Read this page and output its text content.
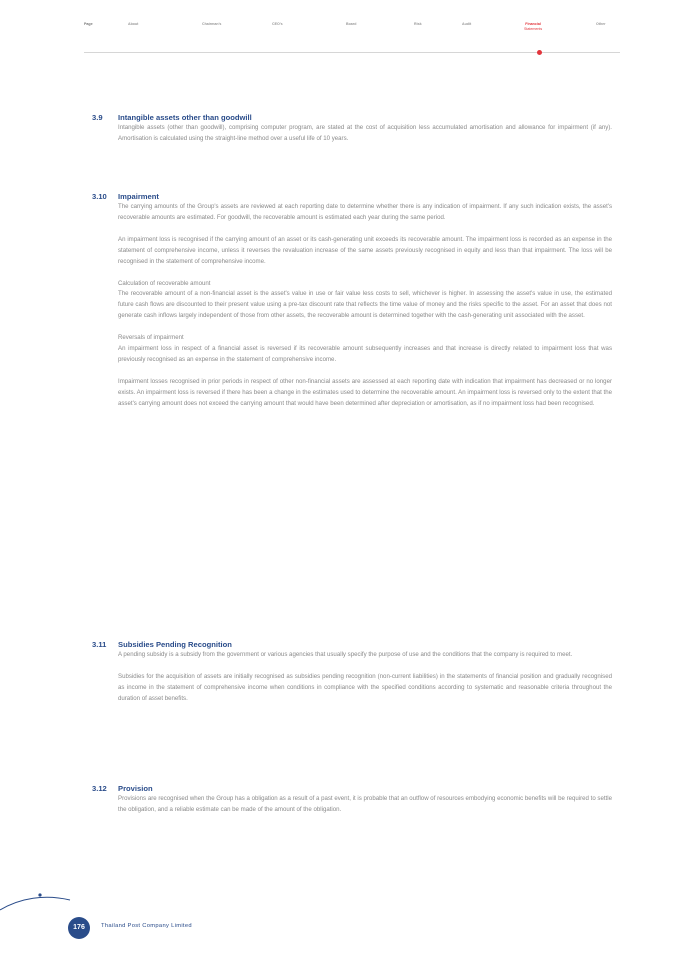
Page	About	Chairman's	CEO's	Board	Risk	Audit	Financial
Statements
Other
3.9 Intangible assets other than goodwill

Intangible assets (other than goodwill), comprising computer program, are stated at the cost of acquisition less accumulated amortisation and allowance for impairment (if any). Amortisation is calculated using the straight-line method over a useful life of 10 years.

3.10 Impairment

The carrying amounts of the Group's assets are reviewed at each reporting date to determine whether there is any indication of impairment. If any such indication exists, the asset's recoverable amounts are estimated. For goodwill, the recoverable amount is estimated each year during the same period.

An impairment loss is recognised if the carrying amount of an asset or its cash-generating unit exceeds its recoverable amount. The impairment loss is recorded as an expense in the statement of comprehensive income, unless it reverses the revaluation increase of the same assets previously recognised in equity and less than that impairment. The loss will be recognised in the statement of comprehensive income.

Calculation of recoverable amount

The recoverable amount of a non-financial asset is the asset's value in use or fair value less costs to sell, whichever is higher. In assessing the asset's value in use, the estimated future cash flows are discounted to their present value using a pre-tax discount rate that reflects the time value of money and the risks specific to the asset. For an asset that does not generate cash inflows largely independent of those from other assets, the recoverable amount is determined together with the cash-generating unit associated with the asset.

Reversals of impairment

An impairment loss in respect of a financial asset is reversed if its recoverable amount subsequently increases and that increase is directly related to impairment loss that was previously recognised as an expense in the statement of comprehensive income.

Impairment losses recognised in prior periods in respect of other non-financial assets are assessed at each reporting date with indication that impairment has decreased or no longer exists. An impairment loss is reversed if there has been a change in the estimates used to determine the recoverable amount. An impairment loss is reversed only to the extent that the asset's carrying amount does not exceed the carrying amount that would have been determined after depreciation or amortisation, as if no impairment loss had been recognised.

3.11 Subsidies Pending Recognition

A pending subsidy is a subsidy from the government or various agencies that usually specify the purpose of use and the conditions that the company is required to meet.

Subsidies for the acquisition of assets are initially recognised as subsidies pending recognition (non-current liabilities) in the statements of financial position and gradually recognised as income in the statement of comprehensive income when conditions in compliance with the specified conditions according to systematic and reasonable criteria throughout the duration of asset benefits.

3.12 Provision

Provisions are recognised when the Group has a obligation as a result of a past event, it is probable that an outflow of resources embodying economic benefits will be required to settle the obligation, and a reliable estimate can be made of the amount of the obligation.

176	Thailand Post Company Limited
